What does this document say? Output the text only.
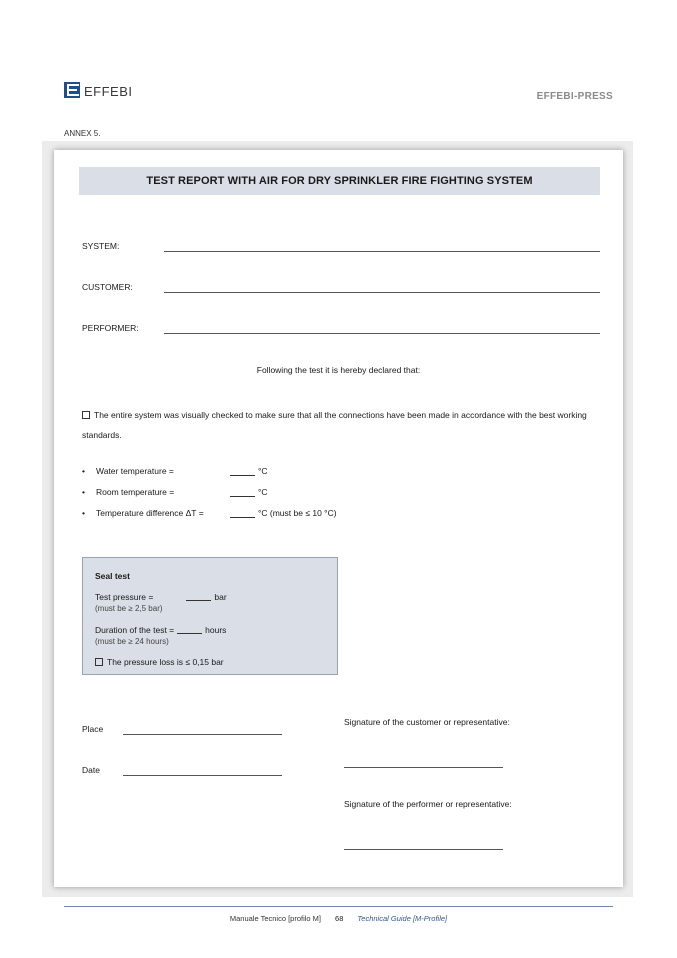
EFFEBI	EFFEBI-PRESS
ANNEX 5.
TEST REPORT WITH AIR FOR DRY SPRINKLER FIRE FIGHTING SYSTEM
SYSTEM:
CUSTOMER:
PERFORMER:
Following the test it is hereby declared that:
The entire system was visually checked to make sure that all the connections have been made in accordance with the best working standards.
• Water temperature =	°C
• Room temperature =	°C
• Temperature difference ΔT =	°C (must be ≤ 10 °C)
Seal test
Test pressure =	bar
(must be ≥ 2,5 bar)
Duration of the test =	hours
(must be ≥ 24 hours)
The pressure loss is ≤ 0,15 bar
Place
Date
Signature of the customer or representative:
Signature of the performer or representative:
Manuale Tecnico [profilo M] 68 Technical Guide [M-Profile]
